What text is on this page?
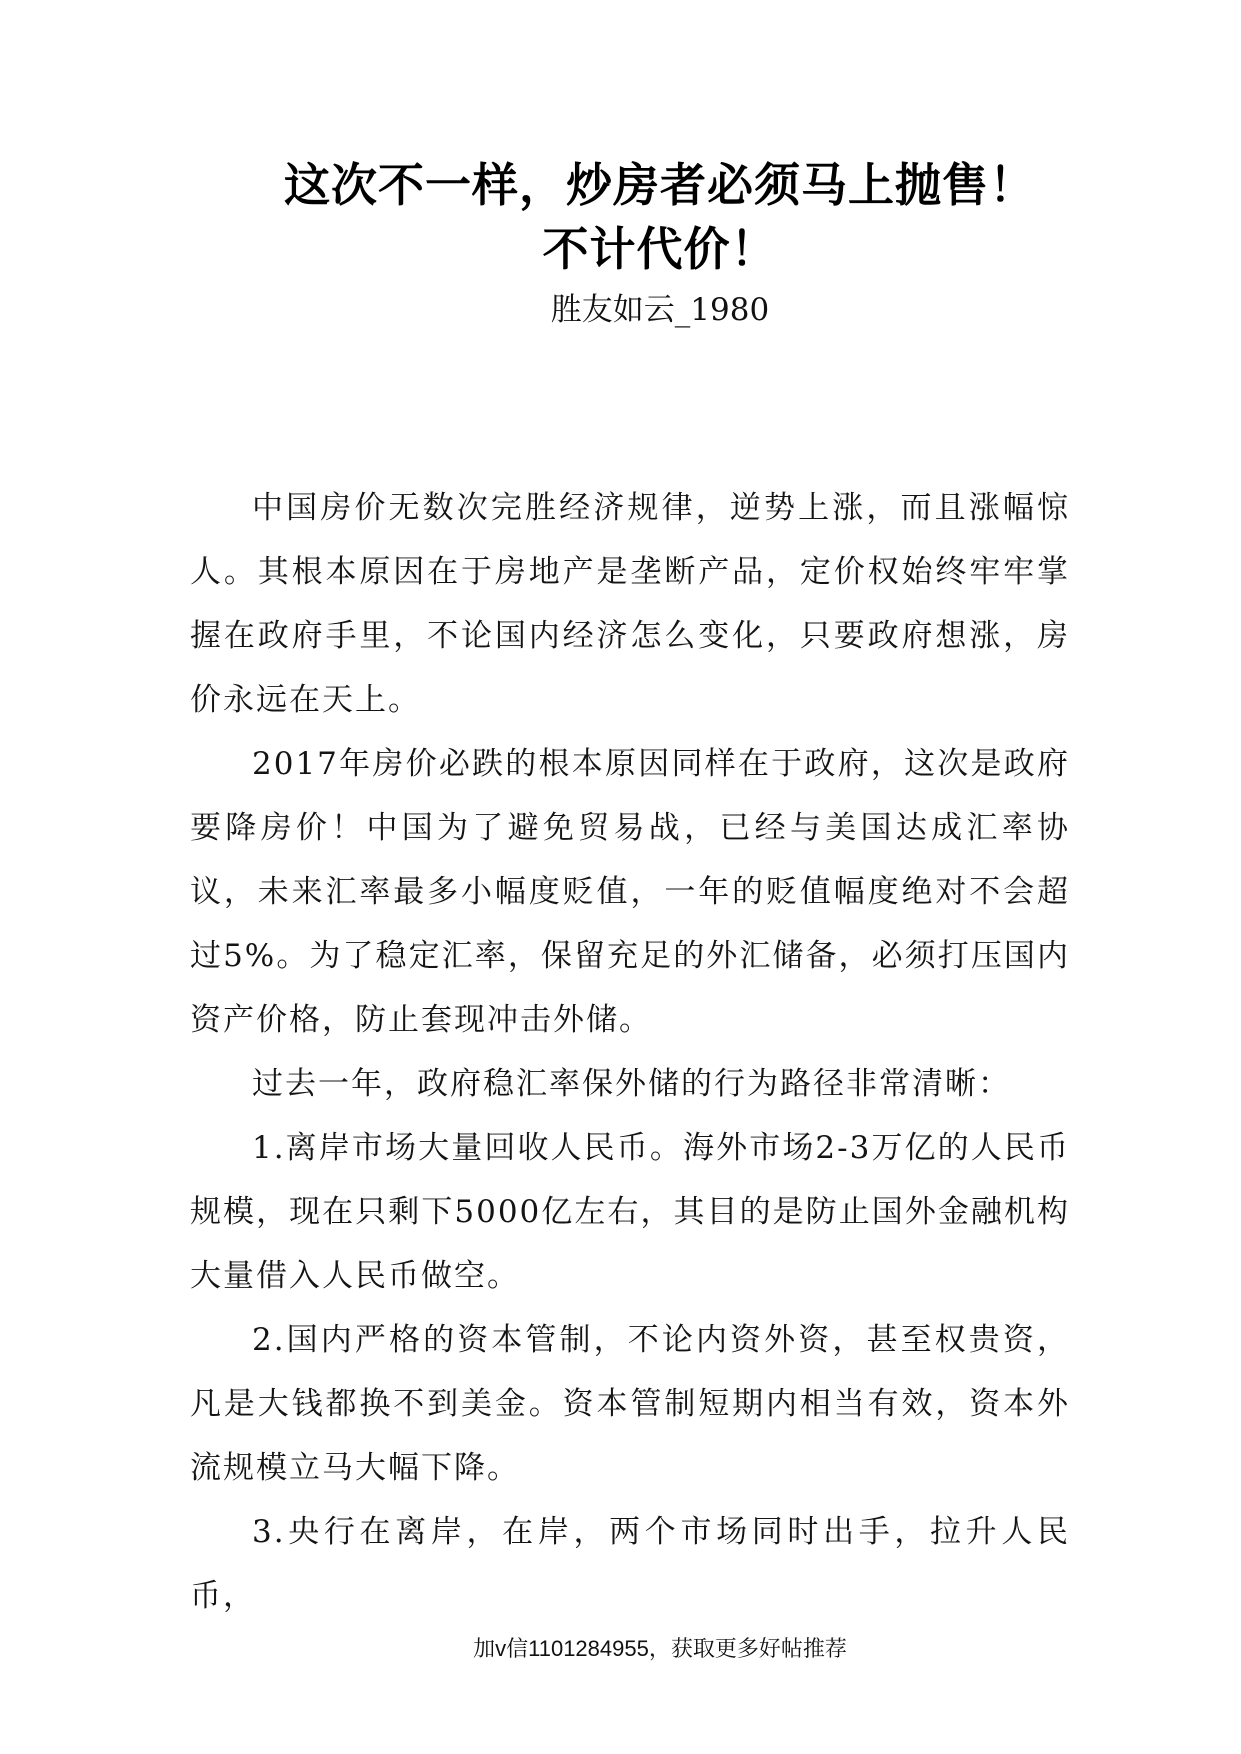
这次不一样，炒房者必须马上抛售！
不计代价！
胜友如云_1980

中国房价无数次完胜经济规律，逆势上涨，而且涨幅惊人。其根本原因在于房地产是垄断产品，定价权始终牢牢掌握在政府手里，不论国内经济怎么变化，只要政府想涨，房价永远在天上。

2017年房价必跌的根本原因同样在于政府，这次是政府要降房价！中国为了避免贸易战，已经与美国达成汇率协议，未来汇率最多小幅度贬值，一年的贬值幅度绝对不会超过5%。为了稳定汇率，保留充足的外汇储备，必须打压国内资产价格，防止套现冲击外储。

过去一年，政府稳汇率保外储的行为路径非常清晰：

1.离岸市场大量回收人民币。海外市场2-3万亿的人民币规模，现在只剩下5000亿左右，其目的是防止国外金融机构大量借入人民币做空。

2.国内严格的资本管制，不论内资外资，甚至权贵资，凡是大钱都换不到美金。资本管制短期内相当有效，资本外流规模立马大幅下降。

3.央行在离岸，在岸，两个市场同时出手，拉升人民币，

加v信1101284955，获取更多好帖推荐
